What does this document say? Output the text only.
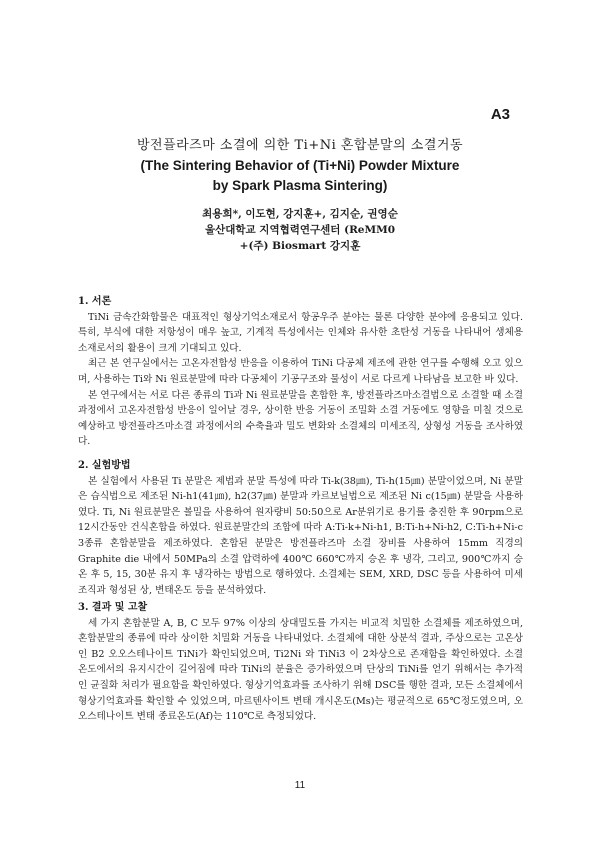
A3
방전플라즈마 소결에 의한 Ti+Ni 혼합분말의 소결거동
(The Sintering Behavior of (Ti+Ni) Powder Mixture
by Spark Plasma Sintering)
최용희*, 이도현, 강지훈+, 김지순, 권영순
울산대학교 지역협력연구센터 (ReMM0
+(주) Biosmart 강지훈
1. 서론

TiNi 금속간화합물은 대표적인 형상기억소재로서 항공우주 분야는 물론 다양한 분야에 응용되고 있다. 특히, 부식에 대한 저항성이 매우 높고, 기계적 특성에서는 인체와 유사한 초탄성 거동을 나타내어 생체용 소재로서의 활용이 크게 기대되고 있다.

최근 본 연구실에서는 고온자전합성 반응을 이용하여 TiNi 다공체 제조에 관한 연구를 수행해 오고 있으며, 사용하는 Ti와 Ni 원료분말에 따라 다공체이 기공구조와 물성이 서로 다르게 나타남을 보고한 바 있다.

본 연구에서는 서로 다른 종류의 Ti과 Ni 원료분말을 혼합한 후, 방전플라즈마소결법으로 소결할 때 소결 과정에서 고온자전합성 반응이 일어날 경우, 상이한 반응 거동이 조밀화 소결 거동에도 영향을 미칠 것으로 예상하고 방전플라즈마소결 과정에서의 수축율과 밀도 변화와 소결체의 미세조직, 상형성 거동을 조사하였다.

2. 실험방법

본 실험에서 사용된 Ti 분말은 제법과 분말 특성에 따라 Ti-k(38㎛), Ti-h(15㎛) 분말이었으며, Ni 분말은 습식법으로 제조된 Ni-h1(41㎛), h2(37㎛) 분말과 카르보닐법으로 제조된 Ni c(15㎛) 분말을 사용하였다. Ti, Ni 원료분말은 볼밀을 사용하여 원자량비 50:50으로 Ar분위기로 용기를 충진한 후 90rpm으로 12시간동안 건식혼합을 하였다. 원료분말간의 조합에 따라 A:Ti-k+Ni-h1, B:Ti-h+Ni-h2, C:Ti-h+Ni-c 3종류 혼합분말을 제조하였다. 혼합된 분말은 방전플라즈마 소결 장비를 사용하여 15mm 직경의 Graphite die 내에서 50MPa의 소결 압력하에 400℃ 660℃까지 승온 후 냉각, 그리고, 900℃까지 승온 후 5, 15, 30분 유지 후 냉각하는 방법으로 행하였다. 소결체는 SEM, XRD, DSC 등을 사용하여 미세조직과 형성된 상, 변태온도 등을 분석하였다.

3. 결과 및 고찰

세 가지 혼합분말 A, B, C 모두 97% 이상의 상대밀도를 가지는 비교적 치밀한 소결체를 제조하였으며, 혼합분말의 종류에 따라 상이한 치밀화 거동을 나타내었다. 소결체에 대한 상분석 결과, 주상으로는 고온상인 B2 오오스테나이트 TiNi가 확인되었으며, Ti2Ni 와 TiNi3 이 2차상으로 존재함을 확인하였다. 소결 온도에서의 유지시간이 길어짐에 따라 TiNi의 분율은 증가하였으며 단상의 TiNi를 얻기 위해서는 추가적인 균질화 처리가 필요함을 확인하였다. 형상기억효과를 조사하기 위해 DSC를 행한 결과, 모든 소결체에서 형상기억효과를 확인할 수 있었으며, 마르텐사이트 변태 개시온도(Ms)는 평균적으로 65℃정도였으며, 오오스테나이트 변태 종료온도(Af)는 110℃로 측정되었다.

11
